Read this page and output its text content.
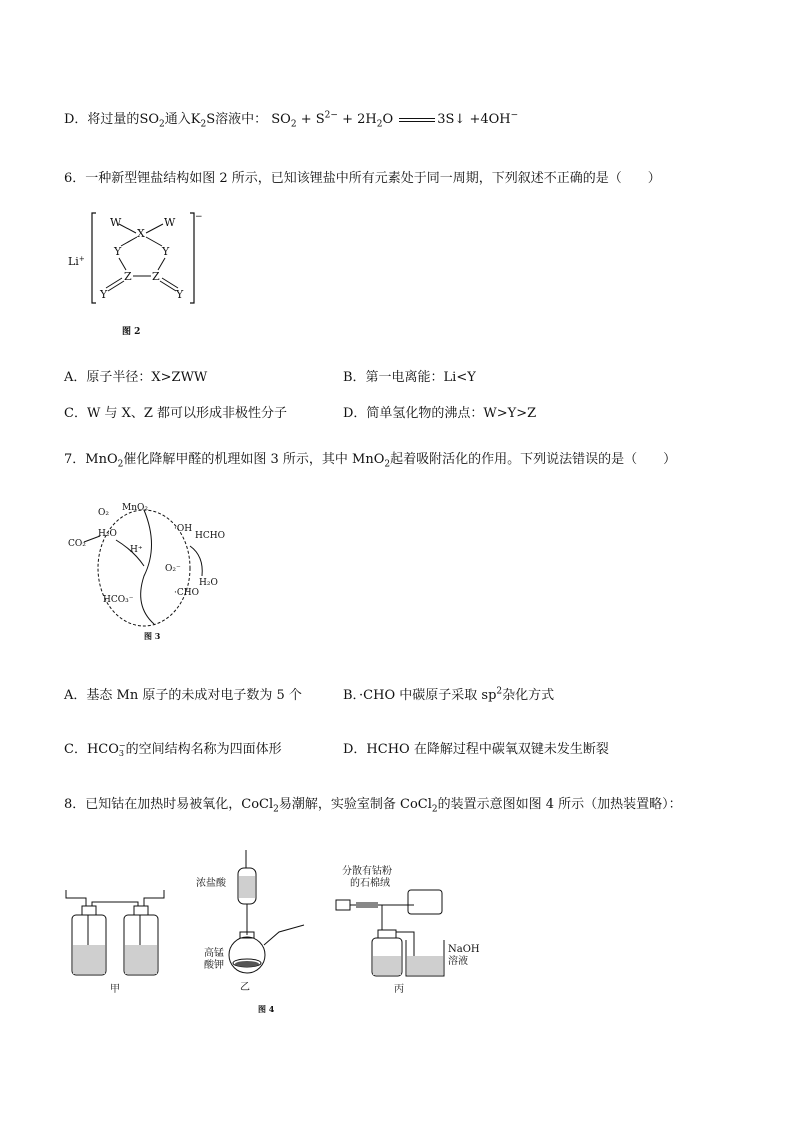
D．将过量的$SO_2$通入$K_2S$溶液中： $SO_2 + S^{2-} + 2H_2O$	3S↓ +4OH−
6．一种新型锂盐结构如图 2 所示，已知该锂盐中所有元素处于同一周期，下列叙述不正确的是（　　）
−
Li+
W	W
X
Y	Y
Z Z
Y	Y
图 2
A．原子半径：X>ZWW	B．第一电离能：Li<Y
C．W 与 X、Z 都可以形成非极性分子	D．简单氢化物的沸点：W>Y>Z
7．MnO$_2$催化降解甲醛的机理如图 3 所示，其中 MnO$_2$起着吸附活化的作用。下列说法错误的是（　　）
O₂ MnO₂
H₂O	·OH
HCHO
CO₂
H⁺
O₂⁻
H₂O
HCO₃⁻
·CHO
图 3
A．基态 Mn 原子的未成对电子数为 5 个	B．·CHO 中碳原子采取 $sp^2$杂化方式
C．HCO −
3 的空间结构名称为四面体形	D．HCHO 在降解过程中碳氧双键未发生断裂
8．已知钴在加热时易被氧化，CoCl$_2$易潮解，实验室制备 CoCl$_2$的装置示意图如图 4 所示（加热装置略）：
甲	乙	丙
浓盐酸
高锰
酸钾
分散有钴粉
的石棉绒
NaOH
溶液
图 4
